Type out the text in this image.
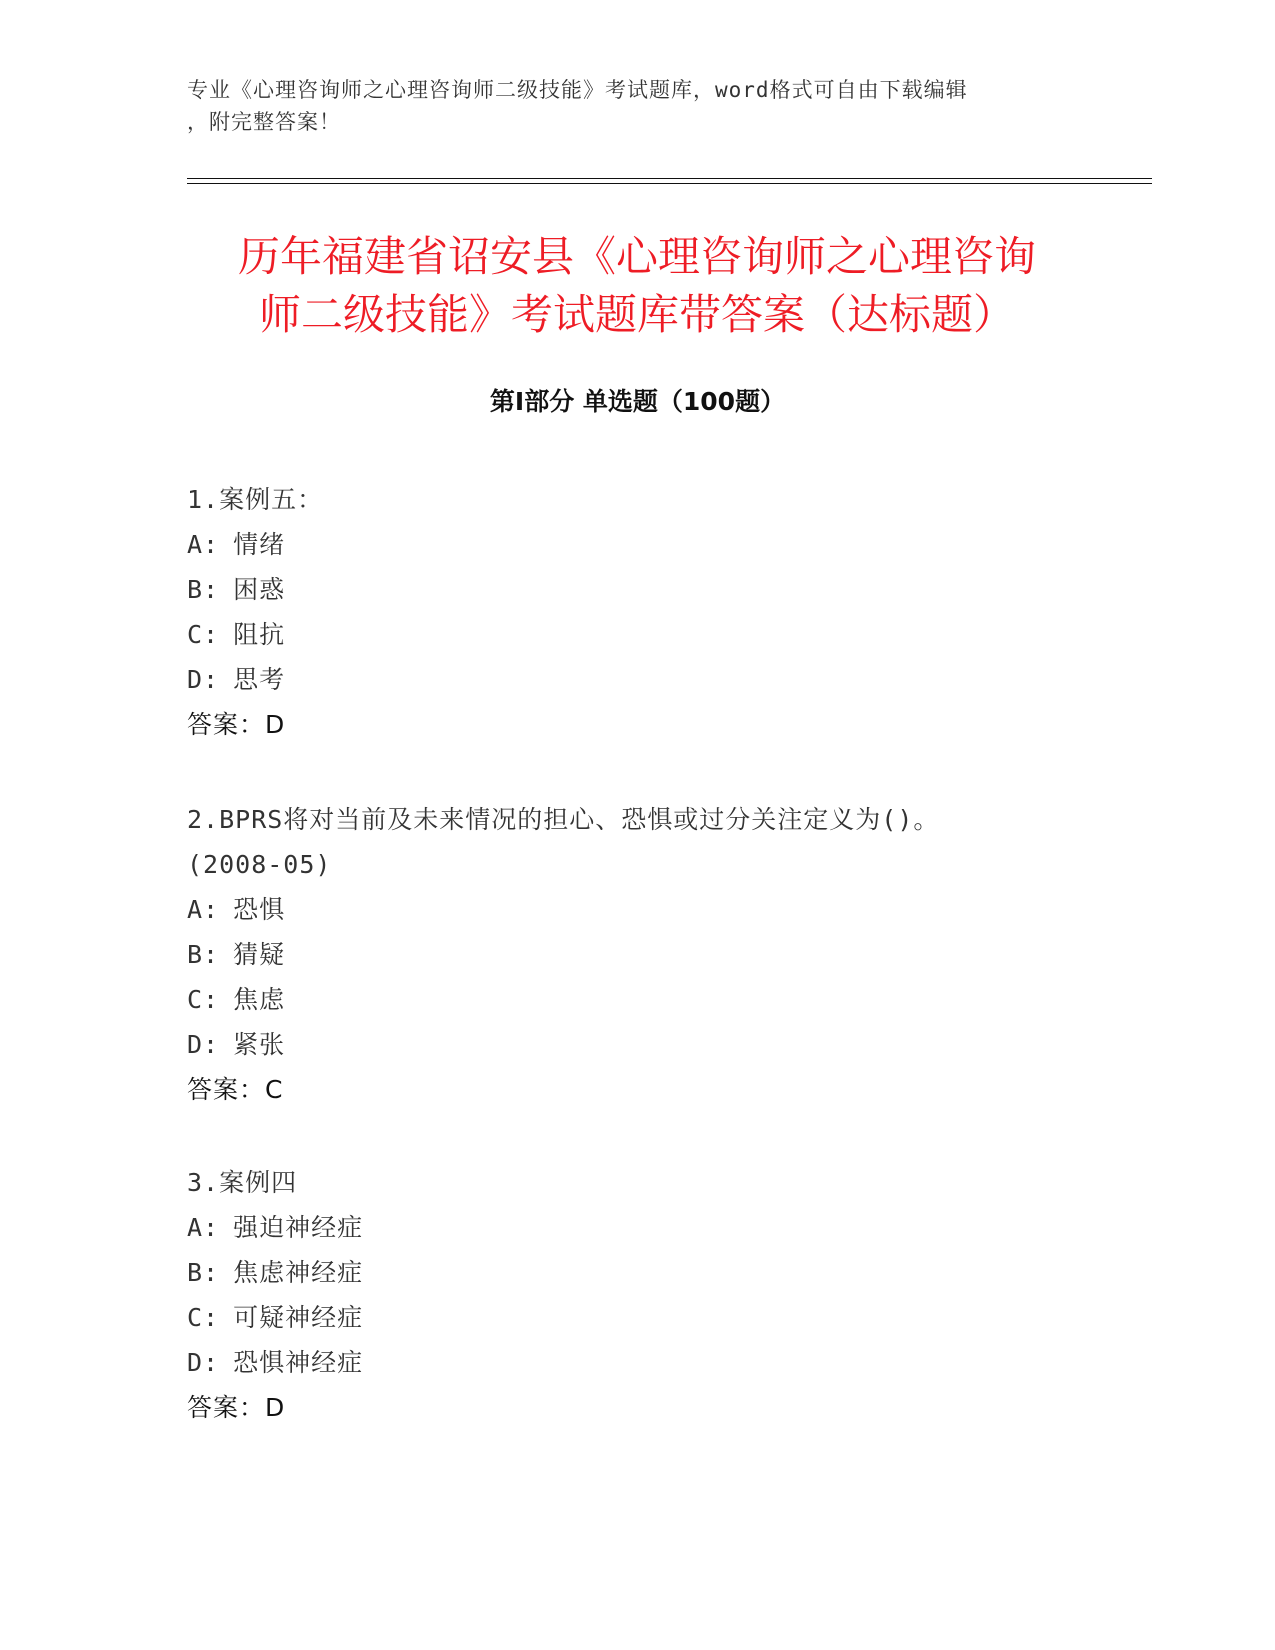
专业《心理咨询师之心理咨询师二级技能》考试题库，word格式可自由下载编辑
，附完整答案！
历年福建省诏安县《心理咨询师之心理咨询
师二级技能》考试题库带答案（达标题）
第Ⅰ部分 单选题（100题）
1.案例五：
A: 情绪
B: 困惑
C: 阻抗
D: 思考
答案：D
2.BPRS将对当前及未来情况的担心、恐惧或过分关注定义为()。
(2008-05)
A: 恐惧
B: 猜疑
C: 焦虑
D: 紧张
答案：C
3.案例四
A: 强迫神经症
B: 焦虑神经症
C: 可疑神经症
D: 恐惧神经症
答案：D
